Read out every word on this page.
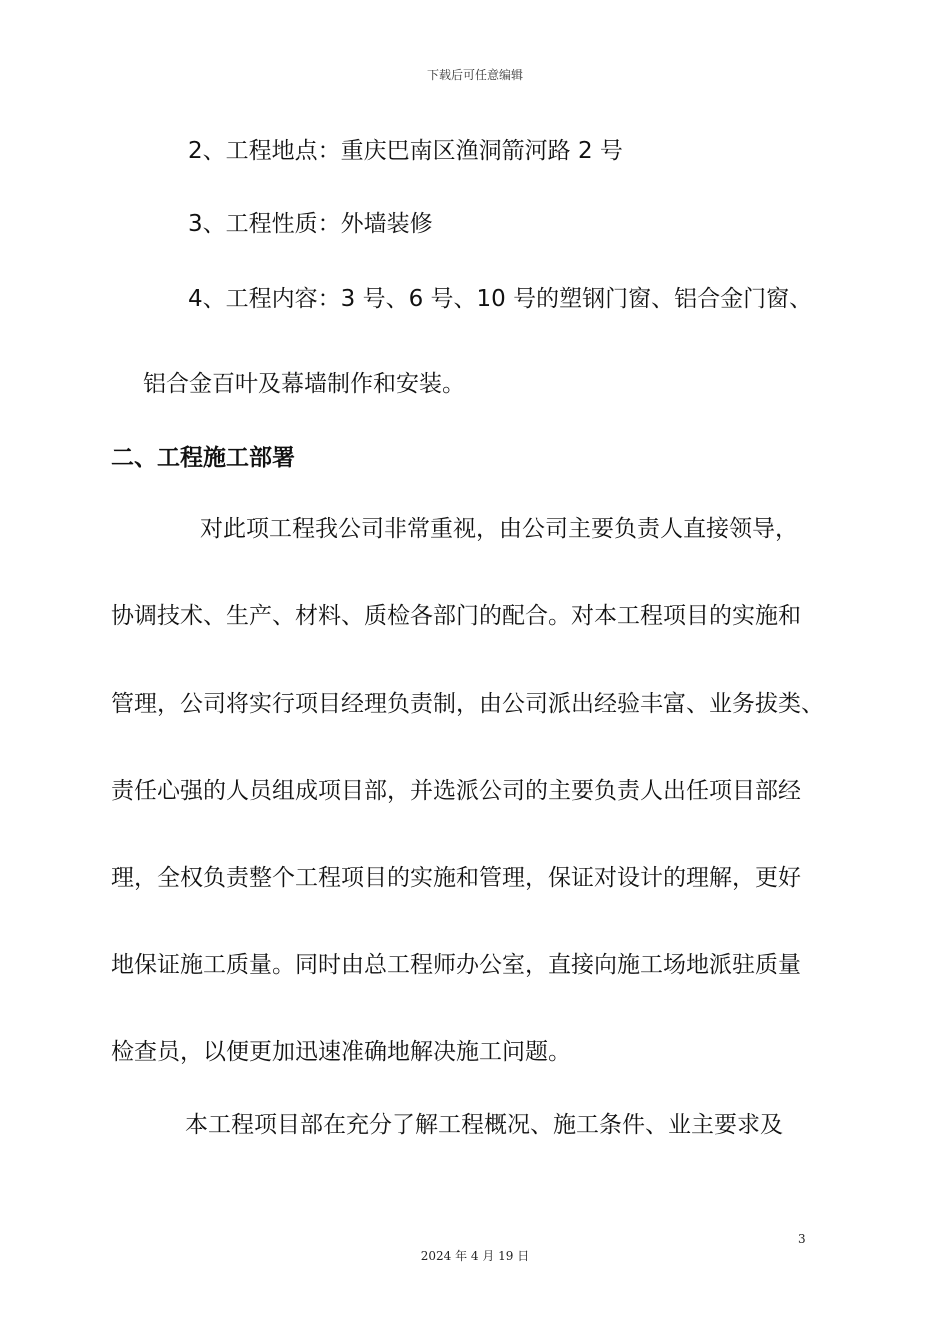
下载后可任意编辑
2、工程地点：重庆巴南区渔洞箭河路 2 号
3、工程性质：外墙装修
4、工程内容：3 号、6 号、10 号的塑钢门窗、铝合金门窗、
铝合金百叶及幕墙制作和安装。
二、工程施工部署
对此项工程我公司非常重视，由公司主要负责人直接领导，
协调技术、生产、材料、质检各部门的配合。对本工程项目的实施和
管理，公司将实行项目经理负责制，由公司派出经验丰富、业务拔类、
责任心强的人员组成项目部，并选派公司的主要负责人出任项目部经
理，全权负责整个工程项目的实施和管理，保证对设计的理解，更好
地保证施工质量。同时由总工程师办公室，直接向施工场地派驻质量
检查员，以便更加迅速准确地解决施工问题。
本工程项目部在充分了解工程概况、施工条件、业主要求及
3
2024 年 4 月 19 日
